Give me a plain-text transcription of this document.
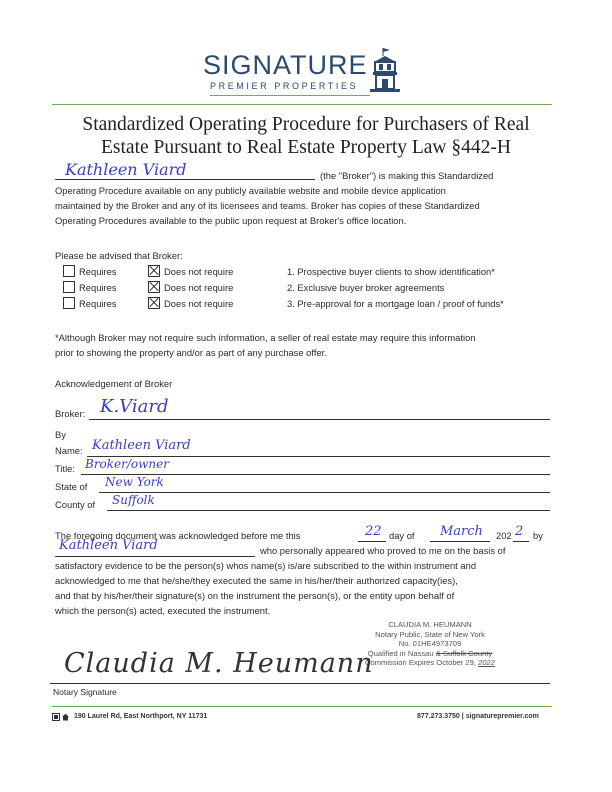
SIGNATURE
PREMIER PROPERTIES
Standardized Operating Procedure for Purchasers of Real
Estate Pursuant to Real Estate Property Law §442-H
Kathleen Viard	(the "Broker") is making this Standardized
Operating Procedure available on any publicly available website and mobile device application
maintained by the Broker and any of its licensees and teams. Broker has copies of these Standardized
Operating Procedures available to the public upon request at Broker's office location.
Please be advised that Broker:
Requires	Does not require	1. Prospective buyer clients to show identification*
Requires	Does not require	2. Exclusive buyer broker agreements
Requires	Does not require	3. Pre-approval for a mortgage loan / proof of funds*
*Although Broker may not require such information, a seller of real estate may require this information
prior to showing the property and/or as part of any purchase offer.
Acknowledgement of Broker
Broker: K.Viard
By
Name: Kathleen Viard
Title: Broker/owner
State of New York
County of Suffolk
The foregoing document was acknowledged before me this	22 day of March 202 2 by
Kathleen Viard	who personally appeared who proved to me on the basis of
satisfactory evidence to be the person(s) whos name(s) is/are subscribed to the within instrument and
acknowledged to me that he/she/they executed the same in his/her/their authorized capacity(ies),
and that by his/her/their signature(s) on the instrument the person(s), or the entity upon behalf of
which the person(s) acted, executed the instrument.
CLAUDIA M. HEUMANN
Notary Public, State of New York
No. 01HE4973709
Qualified in Nassau & Suffolk County
Commission Expires October 29, 2022
Claudia M. Heumann
Notary Signature
190 Laurel Rd, East Northport, NY 11731	877.273.3750 | signaturepremier.com
